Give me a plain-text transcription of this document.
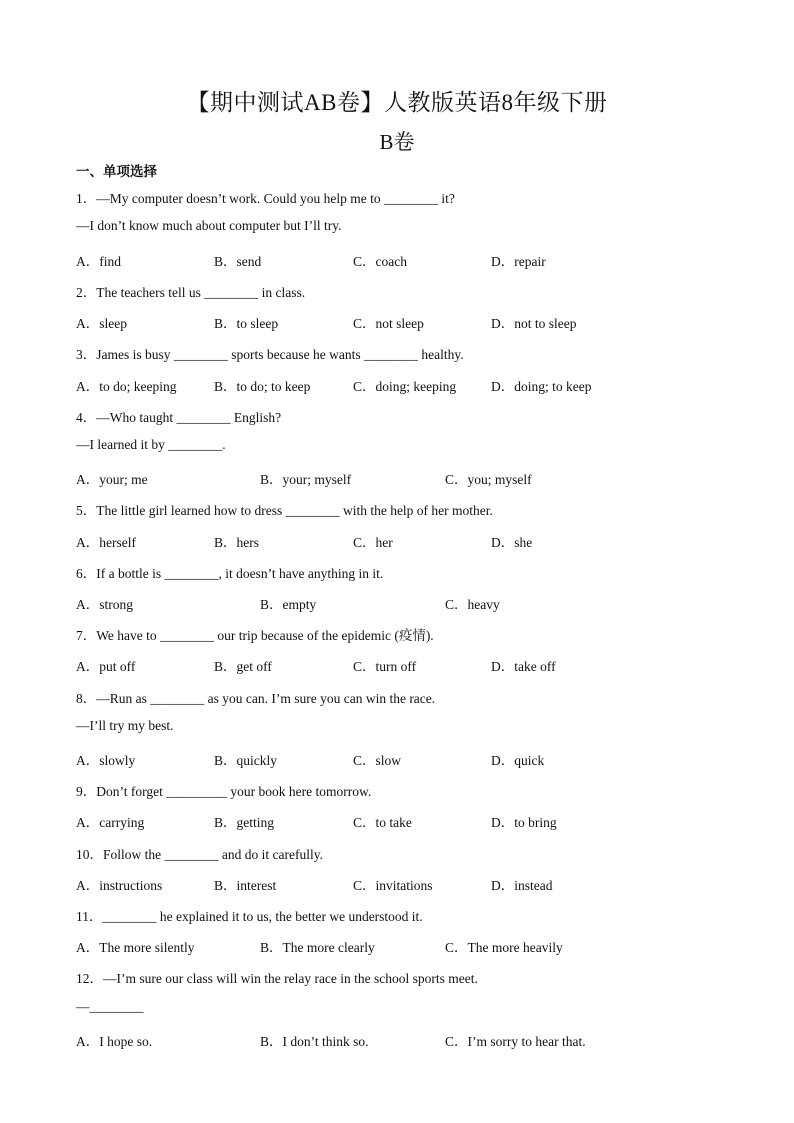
【期中测试AB卷】人教版英语8年级下册
B卷
一、单项选择
1．—My computer doesn’t work. Could you help me to ________ it?
—I don’t know much about computer but I’ll try.
A．find	B．send	C．coach	D．repair
2．The teachers tell us ________ in class.
A．sleep	B．to sleep	C．not sleep	D．not to sleep
3．James is busy ________ sports because he wants ________ healthy.
A．to do; keeping	B．to do; to keep	C．doing; keeping	D．doing; to keep
4．—Who taught ________ English?
—I learned it by ________.
A．your; me	B．your; myself	C．you; myself
5．The little girl learned how to dress ________ with the help of her mother.
A．herself	B．hers	C．her	D．she
6．If a bottle is ________, it doesn’t have anything in it.
A．strong	B．empty	C．heavy
7．We have to ________ our trip because of the epidemic (疫情).
A．put off	B．get off	C．turn off	D．take off
8．—Run as ________ as you can. I’m sure you can win the race.
—I’ll try my best.
A．slowly	B．quickly	C．slow	D．quick
9．Don’t forget _________ your book here tomorrow.
A．carrying	B．getting	C．to take	D．to bring
10．Follow the ________ and do it carefully.
A．instructions	B．interest	C．invitations	D．instead
11．________ he explained it to us, the better we understood it.
A．The more silently	B．The more clearly	C．The more heavily
12．—I’m sure our class will win the relay race in the school sports meet.
—________
A．I hope so.	B．I don’t think so.	C．I’m sorry to hear that.
